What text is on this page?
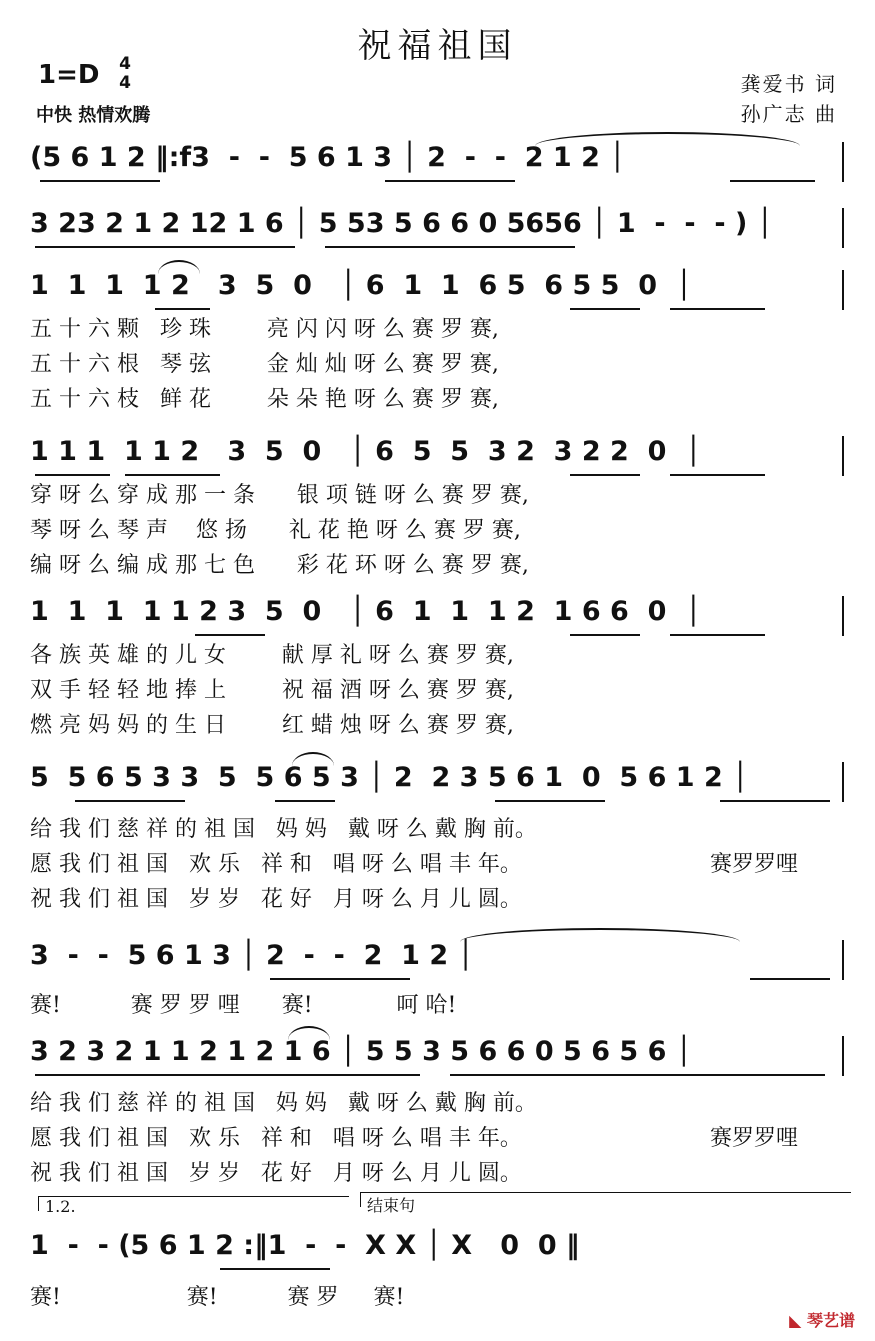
祝福祖国
1=D 4
4
中快 热情欢腾
龚爱书 词
孙广志 曲
(5 6 1 2 ‖:f3  -  -  5 6 1 3 │ 2  -  -  2 1 2 │
3 23 2 1 2 12 1 6 │ 5 53 5 6 6 0 5656 │ 1  -  -  - ) │
1  1  1  1 2   3  5  0   │ 6  1  1  6 5  6 5 5  0  │
五 十 六 颗   珍 珠        亮 闪 闪 呀 么 赛 罗 赛,
五 十 六 根   琴 弦        金 灿 灿 呀 么 赛 罗 赛,
五 十 六 枝   鲜 花        朵 朵 艳 呀 么 赛 罗 赛,
1 1 1  1 1 2   3  5  0   │ 6  5  5  3 2  3 2 2  0  │
穿 呀 么 穿 成 那 一 条      银 项 链 呀 么 赛 罗 赛,
琴 呀 么 琴 声    悠 扬      礼 花 艳 呀 么 赛 罗 赛,
编 呀 么 编 成 那 七 色      彩 花 环 呀 么 赛 罗 赛,
1  1  1  1 1 2 3  5  0   │ 6  1  1  1 2  1 6 6  0  │
各 族 英 雄 的 儿 女        献 厚 礼 呀 么 赛 罗 赛,
双 手 轻 轻 地 捧 上        祝 福 酒 呀 么 赛 罗 赛,
燃 亮 妈 妈 的 生 日        红 蜡 烛 呀 么 赛 罗 赛,
5  5 6 5 3 3  5  5 6 5 3 │ 2  2 3 5 6 1  0  5 6 1 2 │
给 我 们 慈 祥 的 祖 国   妈 妈   戴 呀 么 戴 胸 前。
愿 我 们 祖 国   欢 乐   祥 和   唱 呀 么 唱 丰 年。
祝 我 们 祖 国   岁 岁   花 好   月 呀 么 月 儿 圆。
赛罗罗哩
3  -  -  5 6 1 3 │ 2  -  -  2  1 2 │
赛!          赛 罗 罗 哩      赛!            呵 哈!
3 2 3 2 1 1 2 1 2 1 6 │ 5 5 3 5 6 6 0 5 6 5 6 │
给 我 们 慈 祥 的 祖 国   妈 妈   戴 呀 么 戴 胸 前。
愿 我 们 祖 国   欢 乐   祥 和   唱 呀 么 唱 丰 年。
祝 我 们 祖 国   岁 岁   花 好   月 呀 么 月 儿 圆。
赛罗罗哩
1.2.	结束句
1  -  - (5 6 1 2 :‖1  -  -  X X │ X   0  0 ‖
赛!                  赛!          赛 罗     赛!
◣ 琴艺谱
